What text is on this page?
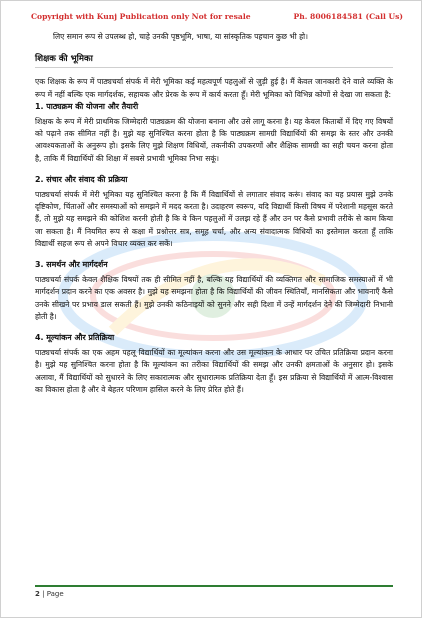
Copyright with Kunj Publication only Not for resale	Ph. 8006184581 (Call Us)

लिए समान रूप से उपलब्ध हो, चाहे उनकी पृष्ठभूमि, भाषा, या सांस्कृतिक पहचान कुछ भी हो।

शिक्षक की भूमिका

एक शिक्षक के रूप में पाठ्यचर्या संपर्क में मेरी भूमिका कई महत्वपूर्ण पहलुओं से जुड़ी हुई है। मैं केवल जानकारी देने वाले व्यक्ति के रूप में नहीं बल्कि एक मार्गदर्शक, सहायक और प्रेरक के रूप में कार्य करता हूँ। मेरी भूमिका को विभिन्न कोणों से देखा जा सकता है:

1. पाठ्यक्रम की योजना और तैयारी

शिक्षक के रूप में मेरी प्राथमिक जिम्मेदारी पाठ्यक्रम की योजना बनाना और उसे लागू करना है। यह केवल किताबों में दिए गए विषयों को पढ़ाने तक सीमित नहीं है। मुझे यह सुनिश्चित करना होता है कि पाठ्यक्रम सामग्री विद्यार्थियों की समझ के स्तर और उनकी आवश्यकताओं के अनुरूप हो। इसके लिए मुझे शिक्षण विधियों, तकनीकी उपकरणों और शैक्षिक सामग्री का सही चयन करना होता है, ताकि मैं विद्यार्थियों की शिक्षा में सबसे प्रभावी भूमिका निभा सकूं।

2. संचार और संवाद की प्रक्रिया

पाठ्यचर्या संपर्क में मेरी भूमिका यह सुनिश्चित करना है कि मैं विद्यार्थियों से लगातार संवाद करूं। संवाद का यह प्रयास मुझे उनके दृष्टिकोण, चिंताओं और समस्याओं को समझने में मदद करता है। उदाहरण स्वरूप, यदि विद्यार्थी किसी विषय में परेशानी महसूस करते हैं, तो मुझे यह समझने की कोशिश करनी होती है कि वे किन पहलुओं में उलझ रहे हैं और उन पर कैसे प्रभावी तरीके से काम किया जा सकता है। मैं नियमित रूप से कक्षा में प्रश्नोत्तर सत्र, समूह चर्चा, और अन्य संवादात्मक विधियों का इस्तेमाल करता हूँ ताकि विद्यार्थी सहज रूप से अपने विचार व्यक्त कर सकें।

3. समर्थन और मार्गदर्शन

पाठ्यचर्या संपर्क केवल शैक्षिक विषयों तक ही सीमित नहीं है, बल्कि यह विद्यार्थियों की व्यक्तिगत और सामाजिक समस्याओं में भी मार्गदर्शन प्रदान करने का एक अवसर है। मुझे यह समझना होता है कि विद्यार्थियों की जीवन स्थितियाँ, मानसिकता और भावनाएँ कैसे उनके सीखने पर प्रभाव डाल सकती हैं। मुझे उनकी कठिनाइयों को सुनने और सही दिशा में उन्हें मार्गदर्शन देने की जिम्मेदारी निभानी होती है।

4. मूल्यांकन और प्रतिक्रिया

पाठ्यचर्या संपर्क का एक अहम पहलू विद्यार्थियों का मूल्यांकन करना और उस मूल्यांकन के आधार पर उचित प्रतिक्रिया प्रदान करना है। मुझे यह सुनिश्चित करना होता है कि मूल्यांकन का तरीका विद्यार्थियों की समझ और उनकी क्षमताओं के अनुसार हो। इसके अलावा, मैं विद्यार्थियों को सुधारने के लिए सकारात्मक और सुधारात्मक प्रतिक्रिया देता हूँ। इस प्रक्रिया से विद्यार्थियों में आत्म-विश्वास का विकास होता है और वे बेहतर परिणाम हासिल करने के लिए प्रेरित होते हैं।

2 | Page
